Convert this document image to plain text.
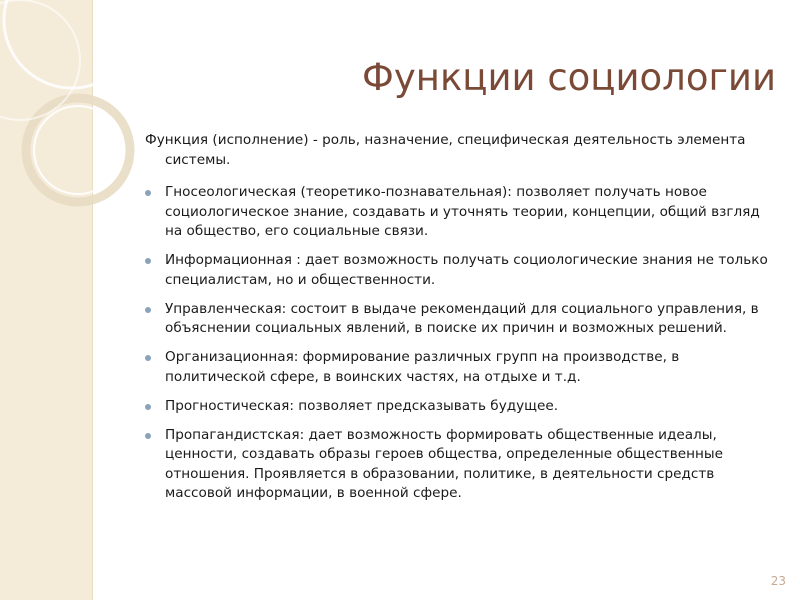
Функции социологии

Функция (исполнение) - роль, назначение, специфическая деятельность элемента системы.

Гносеологическая (теоретико-познавательная): позволяет получать новое социологическое знание, создавать и уточнять теории, концепции, общий взгляд на общество, его социальные связи.
Информационная : дает возможность получать социологические знания не только специалистам, но и общественности.
Управленческая: состоит в выдаче рекомендаций для социального управления, в объяснении социальных явлений, в поиске их причин и возможных решений.
Организационная: формирование различных групп на производстве, в политической сфере, в воинских частях, на отдыхе и т.д.
Прогностическая: позволяет предсказывать будущее.
Пропагандистская: дает возможность формировать общественные идеалы, ценности, создавать образы героев общества, определенные общественные отношения. Проявляется в образовании, политике, в деятельности средств массовой информации, в военной сфере.
23
